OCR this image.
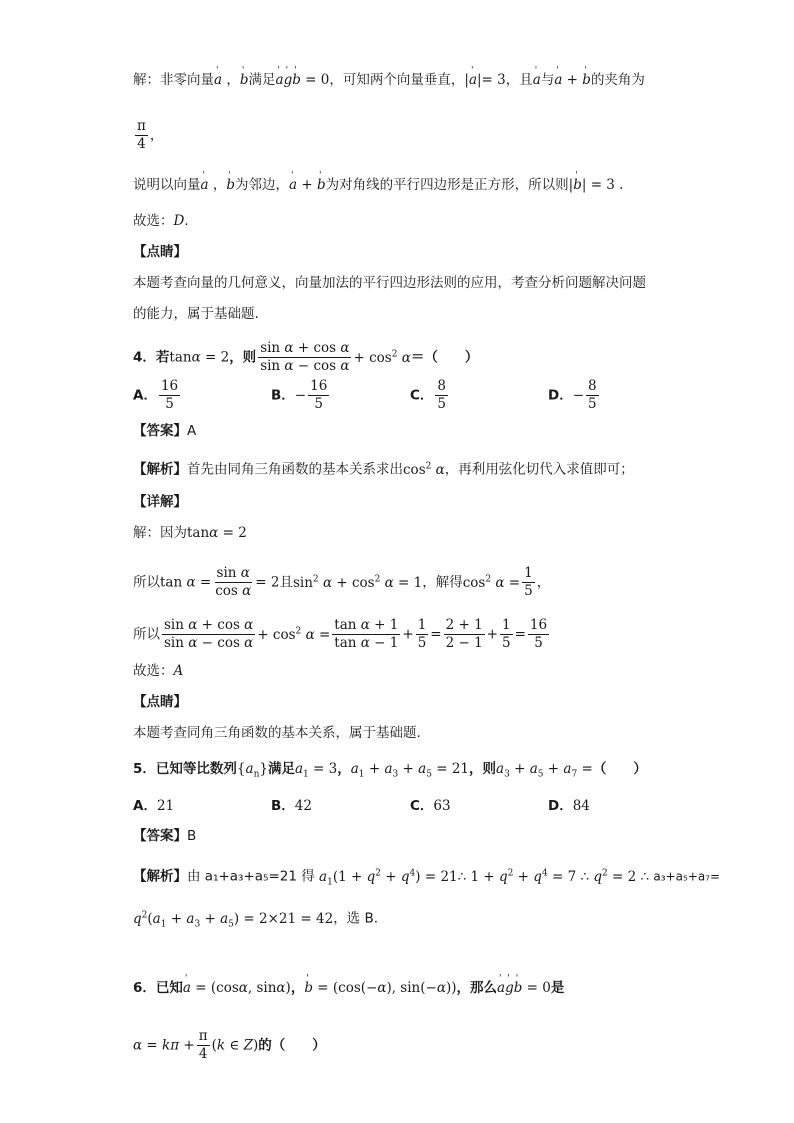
解：非零向量' a ，' b满足' a' g' b = 0，可知两个向量垂直，|' a|= 3，且' a与' a + ' b的夹角为
$\frac{\pi}{4}$ ，
说明以向量' a ，' b为邻边，' a + ' b为对角线的平行四边形是正方形，所以则|' b| = 3 .
故选：D.
【点睛】
本题考查向量的几何意义，向量加法的平行四边形法则的应用，考查分析问题解决问题
的能力，属于基础题.
4．若tanα = 2，则 $\frac{\text{sin α + cos α}}{\text{sin α − cos α}} + \cos^2 \alpha=$（　　）
A． $\frac{16}{5}$	B．− $\frac{16}{5}$	C． $\frac{8}{5}$	D．− $\frac{8}{5}$
【答案】A
【解析】首先由同角三角函数的基本关系求出$\cos^2 \alpha$，再利用弦化切代入求值即可；
【详解】
解：因为tanα = 2
所以$\tan \alpha = \frac{\text{sin α}}{\text{cos α}} = 2$且$\sin^2 \alpha + \cos^2 \alpha = 1$，解得$\cos^2 \alpha = \frac{1}{5}$ ，
所以 $\frac{\text{sin α + cos α}}{\text{sin α − cos α}} + \cos^2 \alpha = \frac{\text{tan α + 1}}{\text{tan α − 1}} + \frac{1}{5} = \frac{2 + 1}{2 - 1} + \frac{1}{5} = \frac{16}{5}$
故选：A
【点睛】
本题考查同角三角函数的基本关系，属于基础题.
5．已知等比数列$\{a_n\}$满足$a_1 = 3$，$a_1 + a_3 + a_5 = 21$，则$a_3 + a_5 + a_7$ =（　　）
A．21	B．42	C．63	D．84
【答案】B
【解析】由 a₁+a₃+a₅=21 得 $a_1(1 + q^2 + q^4)$ = 21∴ $1 + q^2 + q^4 = 7$ ∴ $q^2 = 2$ ∴ a₃+a₅+a₇=
$q^2(a_1 + a_3 + a_5) = 2\times 21 = 42$，选 B.
6．已知' a = (cosα, sinα)，' b = (cos(−α), sin(−α))，那么' a' g' b = 0是
$\alpha = k\pi + \frac{\pi}{4} (k$ ∈ Z)的（　　）
